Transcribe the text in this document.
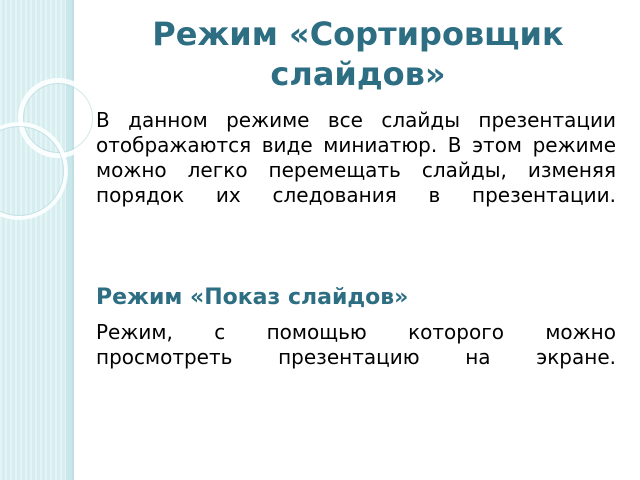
Режим «Сортировщик слайдов»

В данном режиме все слайды презентации отображаются виде миниатюр. В этом режиме можно легко перемещать слайды, изменяя порядок их следования в презентации.

Режим «Показ слайдов»

Режим, с помощью которого можно просмотреть презентацию на экране.
